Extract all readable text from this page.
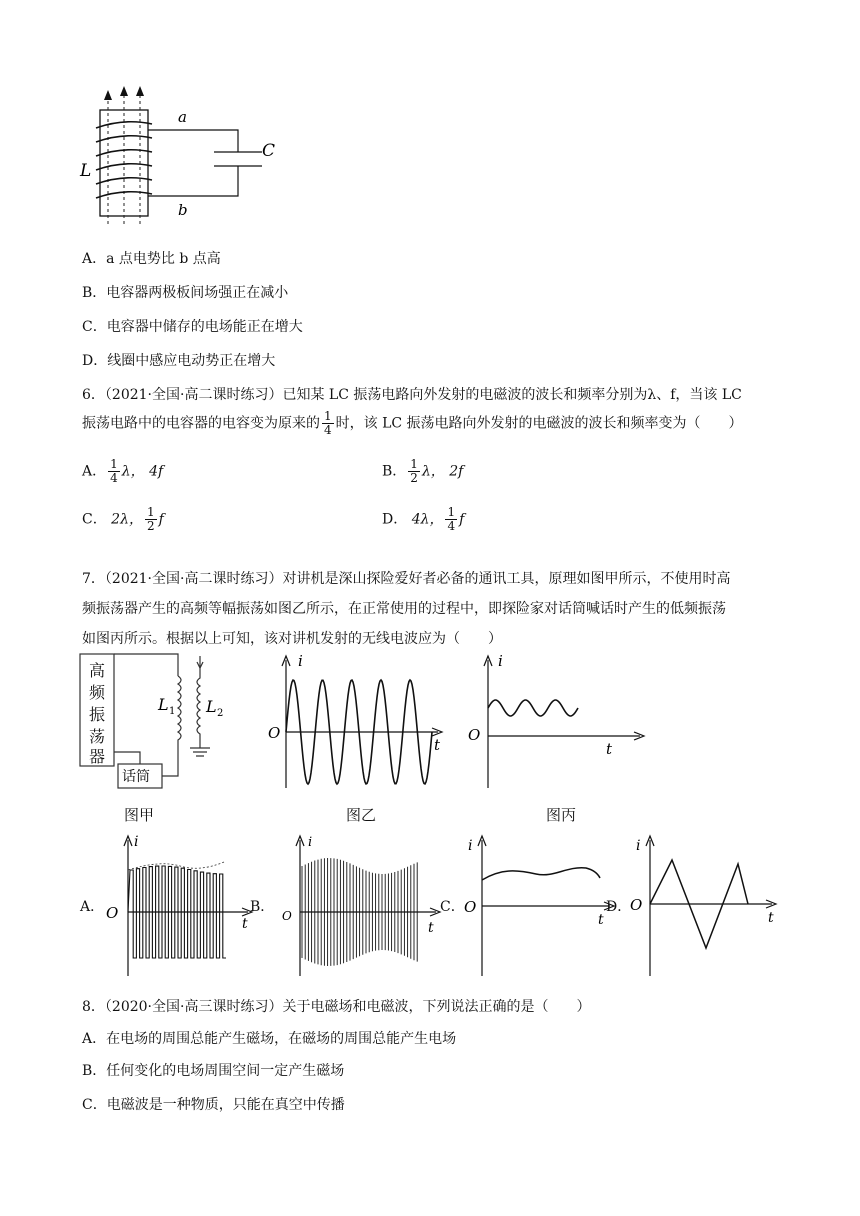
a
b
C
L
A．a 点电势比 b 点高
B．电容器两极板间场强正在减小
C．电容器中储存的电场能正在增大
D．线圈中感应电动势正在增大
6．（2021·全国·高二课时练习）已知某 LC 振荡电路向外发射的电磁波的波长和频率分别为λ、f，当该 LC
振荡电路中的电容器的电容变为原来的 $\frac{1}{4}$ 时，该 LC 振荡电路向外发射的电磁波的波长和频率变为（　　）
A． $\frac{1}{4}$ λ， 4f	B． $\frac{1}{2}$ λ， 2f
C． 2λ， $\frac{1}{2}$ f	D． 4λ， $\frac{1}{4}$ f
7．（2021·全国·高二课时练习）对讲机是深山探险爱好者必备的通讯工具，原理如图甲所示，不使用时高
频振荡器产生的高频等幅振荡如图乙所示，在正常使用的过程中，即探险家对话筒喊话时产生的低频振荡
如图丙所示。根据以上可知，该对讲机发射的无线电波应为（　　）
高
频
振
荡
器
话筒
L 1 L 2
图甲
i
t
O
图乙
i
t
O
图丙
A．
i
t
O	B．
i
t
O
C．
i
t
O	D．
i
t
O
8．（2020·全国·高三课时练习）关于电磁场和电磁波，下列说法正确的是（　　）
A．在电场的周围总能产生磁场，在磁场的周围总能产生电场
B．任何变化的电场周围空间一定产生磁场
C．电磁波是一种物质，只能在真空中传播
